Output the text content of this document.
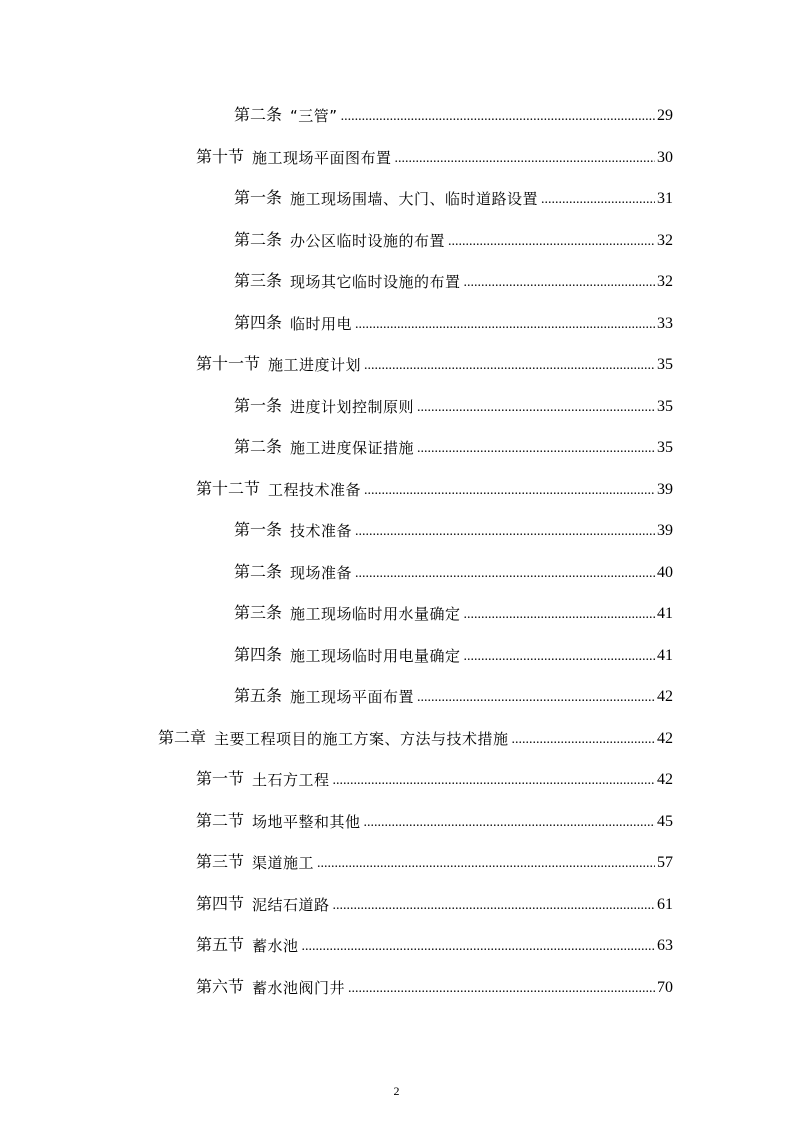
第二条 “三管” .....	29
第十节 施工现场平面图布置 .....	30
第一条 施工现场围墙、大门、临时道路设置 .....	31
第二条 办公区临时设施的布置 .....	32
第三条 现场其它临时设施的布置 .....	32
第四条 临时用电 .....	33
第十一节 施工进度计划 .....	35
第一条 进度计划控制原则 .....	35
第二条 施工进度保证措施 .....	35
第十二节 工程技术准备 .....	39
第一条 技术准备 .....	39
第二条 现场准备 .....	40
第三条 施工现场临时用水量确定 .....	41
第四条 施工现场临时用电量确定 .....	41
第五条 施工现场平面布置 .....	42
第二章 主要工程项目的施工方案、方法与技术措施 .....	42
第一节 土石方工程 .....	42
第二节 场地平整和其他 .....	45
第三节 渠道施工 .....	57
第四节 泥结石道路 .....	61
第五节 蓄水池 .....	63
第六节 蓄水池阀门井 .....	70
2
